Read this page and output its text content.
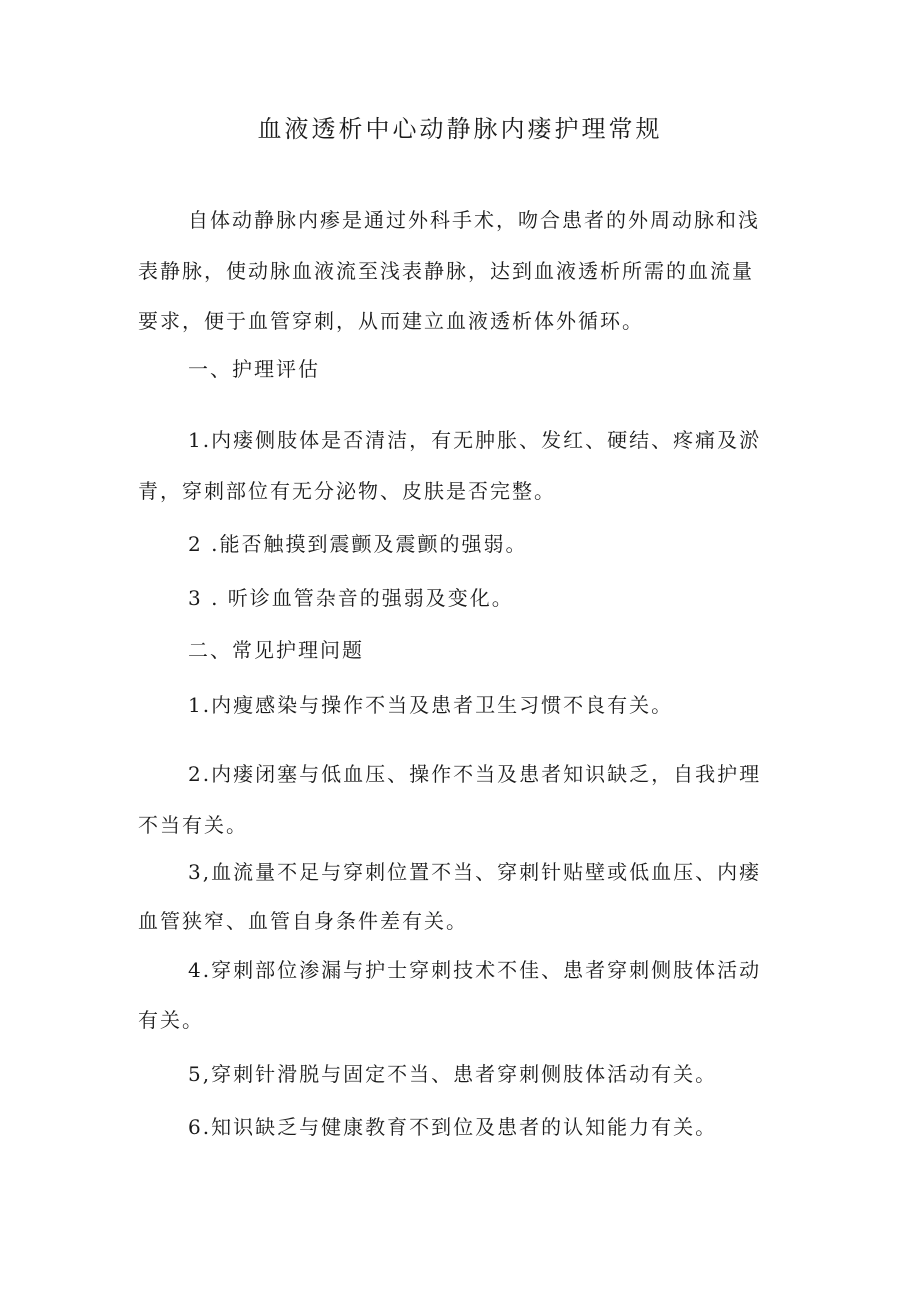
血液透析中心动静脉内瘘护理常规

自体动静脉内瘆是通过外科手术，吻合患者的外周动脉和浅

表静脉，使动脉血液流至浅表静脉，达到血液透析所需的血流量

要求，便于血管穿刺，从而建立血液透析体外循环。

一、护理评估

1.内瘘侧肢体是否清洁，有无肿胀、发红、硬结、疼痛及淤

青，穿刺部位有无分泌物、皮肤是否完整。

2 .能否触摸到震颤及震颤的强弱。

3 . 听诊血管杂音的强弱及变化。

二、常见护理问题

1.内瘦感染与操作不当及患者卫生习惯不良有关。

2.内瘘闭塞与低血压、操作不当及患者知识缺乏，自我护理

不当有关。

3,血流量不足与穿刺位置不当、穿刺针贴壁或低血压、内瘘

血管狭窄、血管自身条件差有关。

4.穿刺部位渗漏与护士穿刺技术不佳、患者穿刺侧肢体活动

有关。

5,穿刺针滑脱与固定不当、患者穿刺侧肢体活动有关。

6.知识缺乏与健康教育不到位及患者的认知能力有关。
